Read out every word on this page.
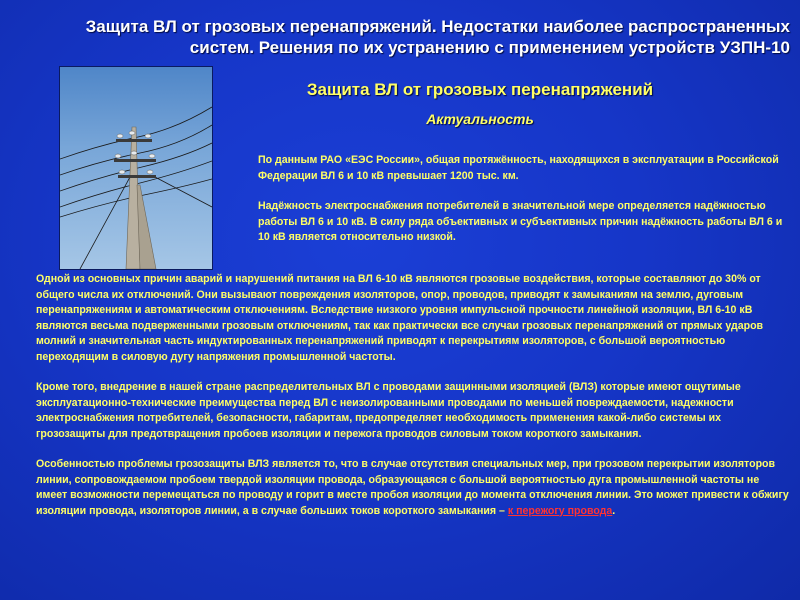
Защита ВЛ от грозовых перенапряжений. Недостатки наиболее распространенных
систем. Решения по их устранению с применением устройств УЗПН-10
Защита ВЛ от грозовых перенапряжений
Актуальность

По данным РАО «ЕЭС России», общая протяжённость, находящихся в эксплуатации в Российской Федерации ВЛ 6 и 10 кВ превышает 1200 тыс. км.

Надёжность электроснабжения потребителей в значительной мере определяется надёжностью работы ВЛ 6 и 10 кВ. В силу ряда объективных и субъективных причин надёжность работы ВЛ 6 и 10 кВ является относительно низкой.

Одной из основных причин аварий и нарушений питания на ВЛ 6-10 кВ являются грозовые воздействия, которые составляют до 30% от общего числа их отключений. Они вызывают повреждения изоляторов, опор, проводов, приводят к замыканиям на землю, дуговым перенапряжениям и автоматическим отключениям. Вследствие низкого уровня импульсной прочности линейной изоляции, ВЛ 6-10 кВ являются весьма подверженными грозовым отключениям, так как практически все случаи грозовых перенапряжений от прямых ударов молний и значительная часть индуктированных перенапряжений приводят к перекрытиям изоляторов, с большой вероятностью переходящим в силовую дугу напряжения промышленной частоты.

Кроме того, внедрение в нашей стране распределительных ВЛ с проводами защинными изоляцией (ВЛЗ) которые имеют ощутимые эксплуатационно-технические преимущества перед ВЛ с неизолированными проводами по меньшей повреждаемости, надежности электроснабжения потребителей, безопасности, габаритам, предопределяет необходимость применения какой-либо системы их грозозащиты для предотвращения пробоев изоляции и пережога проводов силовым током короткого замыкания.

Особенностью проблемы грозозащиты ВЛЗ является то, что в случае отсутствия специальных мер, при грозовом перекрытии изоляторов линии, сопровождаемом пробоем твердой изоляции провода, образующаяся с большой вероятностью дуга промышленной частоты не имеет возможности перемещаться по проводу и горит в месте пробоя изоляции до момента отключения линии. Это может привести к обжигу изоляции провода, изоляторов линии, а в случае больших токов короткого замыкания – к пережогу провода.
